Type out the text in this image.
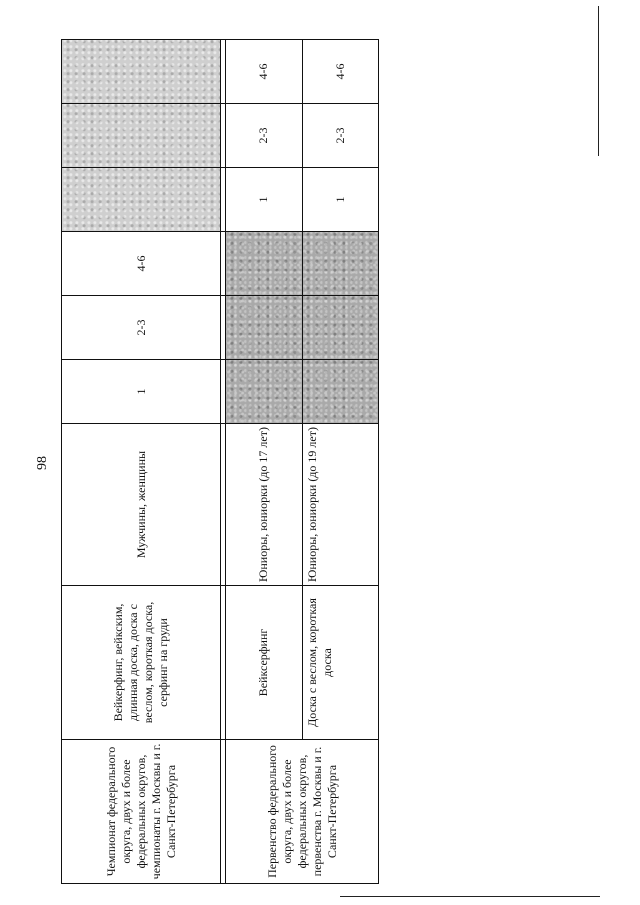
98
Чемпионат федерального округа, двух и более федеральных округов, чемпионаты г. Москвы и г. Санкт-Петербурга	Вейкерфинг, вейкским, длинная доска, доска с веслом, короткая доска, серфинг на груди	Мужчины, женщины	1	2-3	4-6			

Первенство федерального округа, двух и более федеральных округов, первенства г. Москвы и г. Санкт-Петербурга	Вейксерфинг	Юниоры, юниорки (до 17 лет)				1	2-3	4-6
	Доска с веслом, короткая доска	Юниоры, юниорки (до 19 лет)				1	2-3	4-6
